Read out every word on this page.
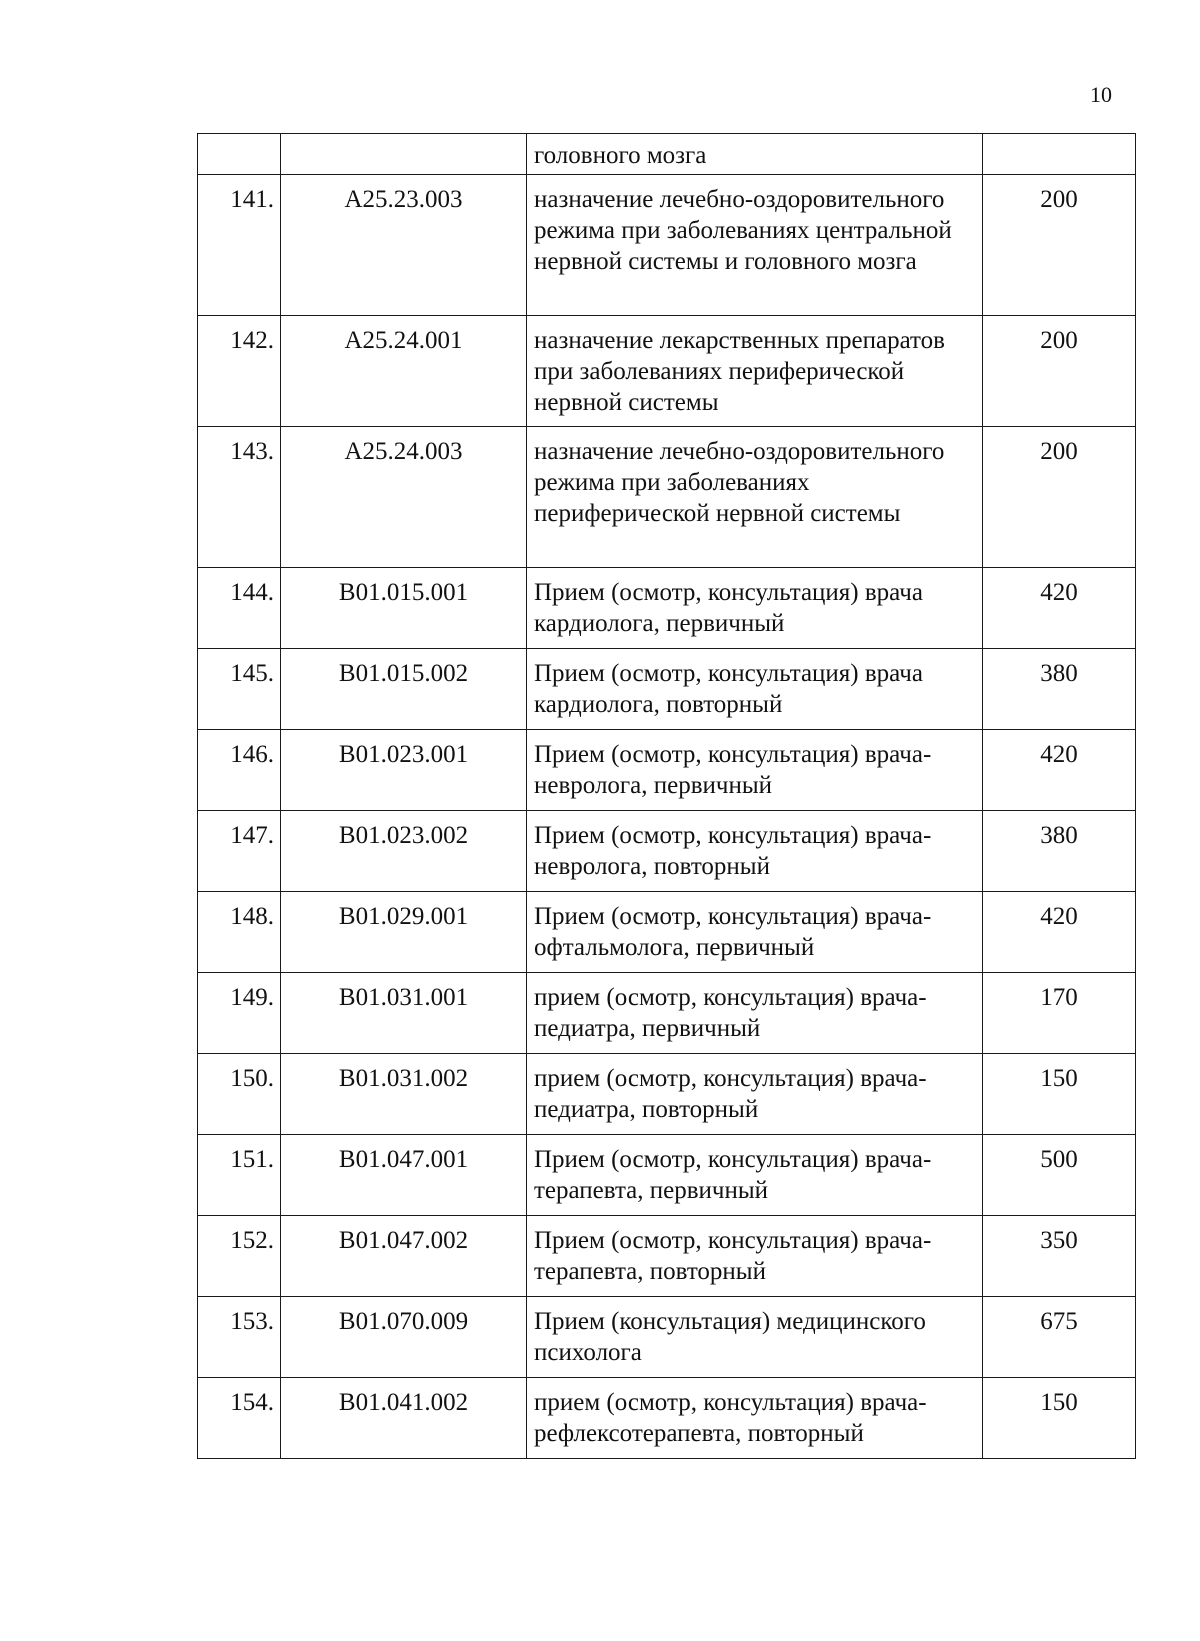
10
		головного мозга	
141.	A25.23.003	назначение лечебно-оздоровительного режима при заболеваниях центральной нервной системы и головного мозга	200
142.	A25.24.001	назначение лекарственных препаратов при заболеваниях периферической нервной системы	200
143.	A25.24.003	назначение лечебно-оздоровительного режима при заболеваниях периферической нервной системы	200
144.	B01.015.001	Прием (осмотр, консультация) врача кардиолога, первичный	420
145.	B01.015.002	Прием (осмотр, консультация) врача кардиолога, повторный	380
146.	B01.023.001	Прием (осмотр, консультация) врача-невролога, первичный	420
147.	B01.023.002	Прием (осмотр, консультация) врача-невролога, повторный	380
148.	B01.029.001	Прием (осмотр, консультация) врача-офтальмолога, первичный	420
149.	B01.031.001	прием (осмотр, консультация) врача-педиатра, первичный	170
150.	B01.031.002	прием (осмотр, консультация) врача-педиатра, повторный	150
151.	B01.047.001	Прием (осмотр, консультация) врача-терапевта, первичный	500
152.	B01.047.002	Прием (осмотр, консультация) врача-терапевта, повторный	350
153.	B01.070.009	Прием (консультация) медицинского психолога	675
154.	B01.041.002	прием (осмотр, консультация) врача-рефлексотерапевта, повторный	150
